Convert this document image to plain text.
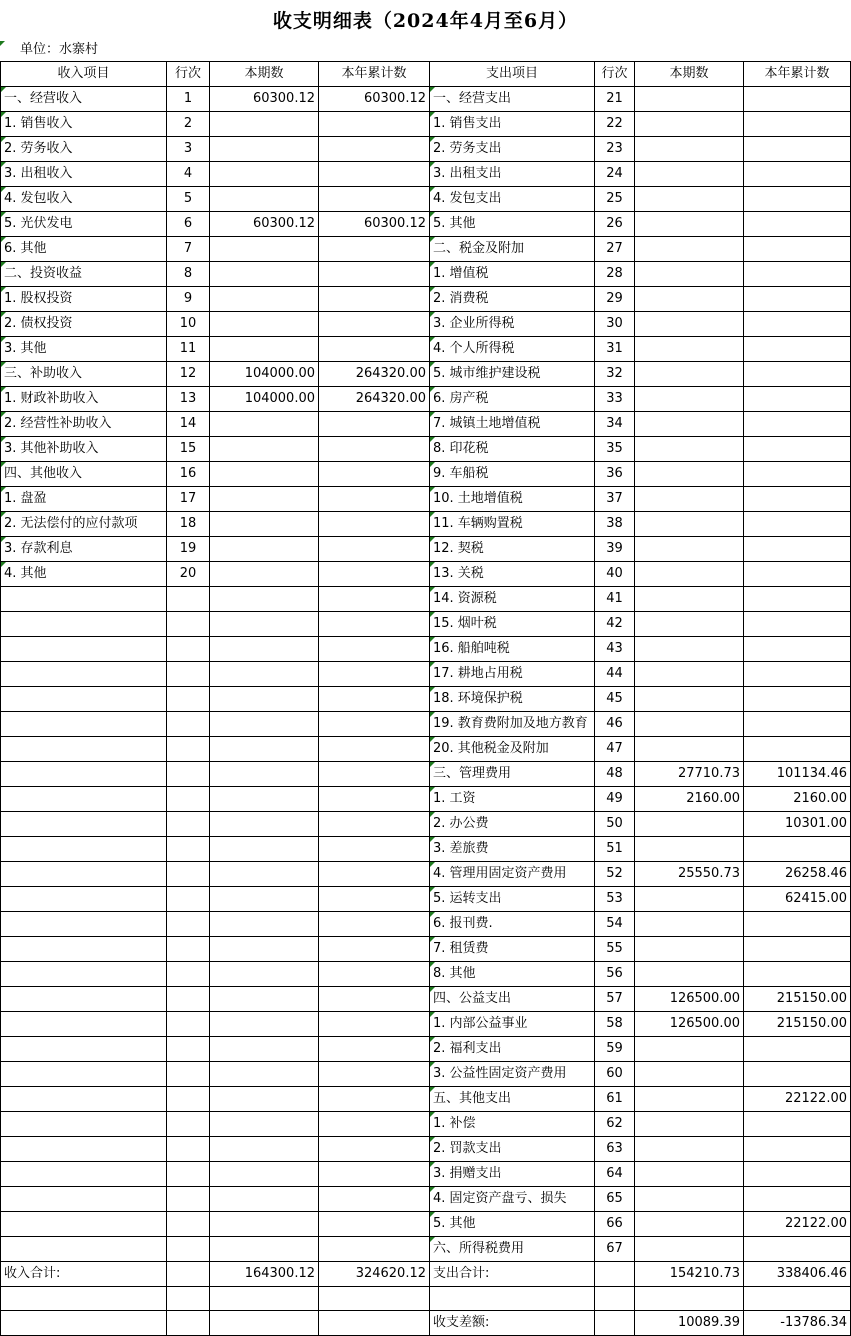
收支明细表（2024年4月至6月）
单位：水寨村
收入项目	行次	本期数	本年累计数	支出项目	行次	本期数	本年累计数
一、经营收入	1	60300.12	60300.12	一、经营支出	21		
1. 销售收入	2			1. 销售支出	22		
2. 劳务收入	3			2. 劳务支出	23		
3. 出租收入	4			3. 出租支出	24		
4. 发包收入	5			4. 发包支出	25		
5. 光伏发电	6	60300.12	60300.12	5. 其他	26		
6. 其他	7			二、税金及附加	27		
二、投资收益	8			1. 增值税	28		
1. 股权投资	9			2. 消费税	29		
2. 债权投资	10			3. 企业所得税	30		
3. 其他	11			4. 个人所得税	31		
三、补助收入	12	104000.00	264320.00	5. 城市维护建设税	32		
1. 财政补助收入	13	104000.00	264320.00	6. 房产税	33		
2. 经营性补助收入	14			7. 城镇土地增值税	34		
3. 其他补助收入	15			8. 印花税	35		
四、其他收入	16			9. 车船税	36		
1. 盘盈	17			10. 土地增值税	37		
2. 无法偿付的应付款项	18			11. 车辆购置税	38		
3. 存款利息	19			12. 契税	39		
4. 其他	20			13. 关税	40		
				14. 资源税	41		
				15. 烟叶税	42		
				16. 船舶吨税	43		
				17. 耕地占用税	44		
				18. 环境保护税	45		
				19. 教育费附加及地方教育	46		
				20. 其他税金及附加	47		
				三、管理费用	48	27710.73	101134.46
				1. 工资	49	2160.00	2160.00
				2. 办公费	50		10301.00
				3. 差旅费	51		
				4. 管理用固定资产费用	52	25550.73	26258.46
				5. 运转支出	53		62415.00
				6. 报刊费.	54		
				7. 租赁费	55		
				8. 其他	56		
				四、公益支出	57	126500.00	215150.00
				1. 内部公益事业	58	126500.00	215150.00
				2. 福利支出	59		
				3. 公益性固定资产费用	60		
				五、其他支出	61		22122.00
				1. 补偿	62		
				2. 罚款支出	63		
				3. 捐赠支出	64		
				4. 固定资产盘亏、损失	65		
				5. 其他	66		22122.00
				六、所得税费用	67		
收入合计:		164300.12	324620.12	支出合计:		154210.73	338406.46

				收支差额:		10089.39	-13786.34
